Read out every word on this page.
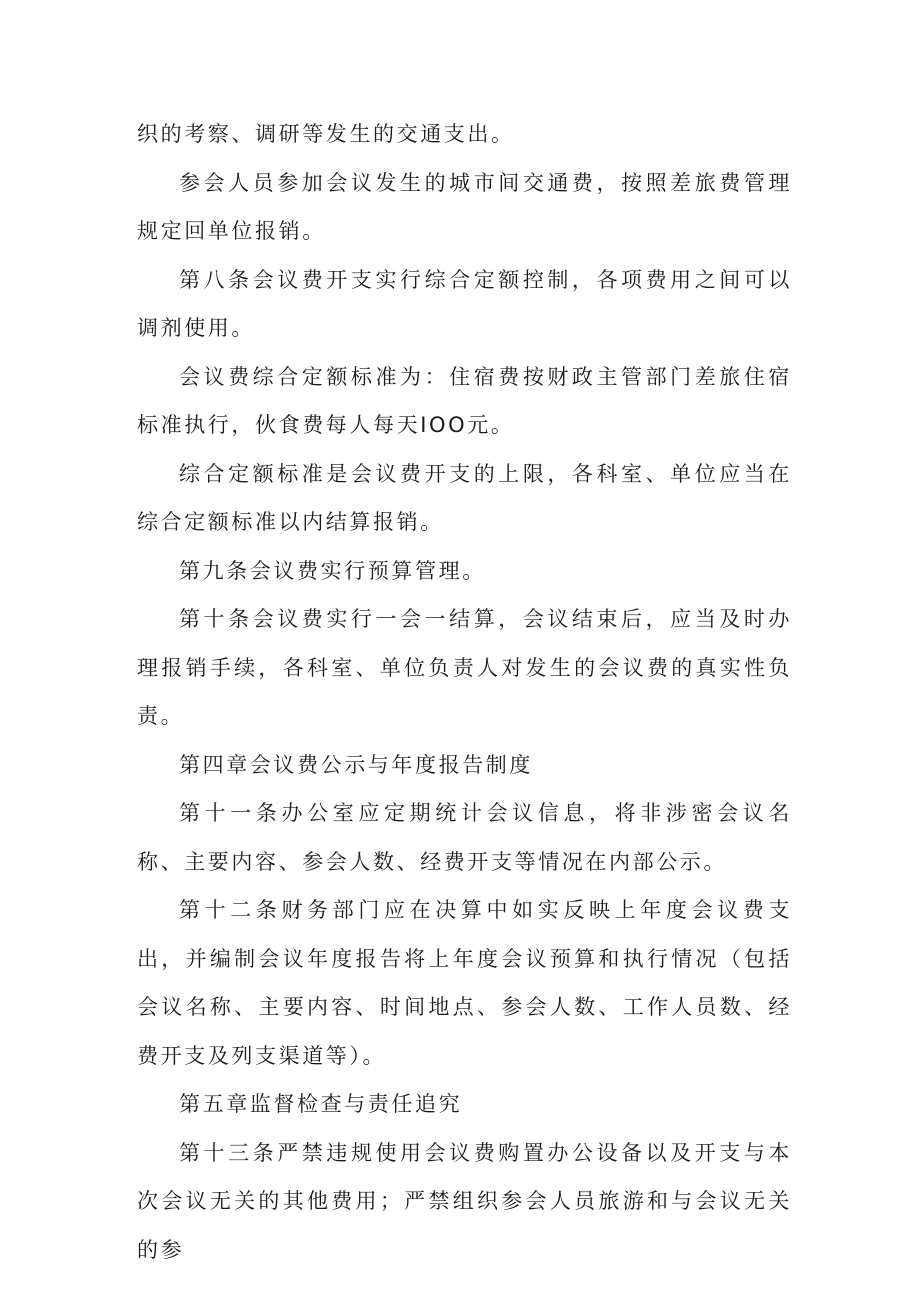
织的考察、调研等发生的交通支出。

参会人员参加会议发生的城市间交通费，按照差旅费管理规定回单位报销。

第八条会议费开支实行综合定额控制，各项费用之间可以调剂使用。

会议费综合定额标准为：住宿费按财政主管部门差旅住宿标准执行，伙食费每人每天IOO元。

综合定额标准是会议费开支的上限，各科室、单位应当在综合定额标准以内结算报销。

第九条会议费实行预算管理。

第十条会议费实行一会一结算，会议结束后，应当及时办理报销手续，各科室、单位负责人对发生的会议费的真实性负责。

第四章会议费公示与年度报告制度

第十一条办公室应定期统计会议信息，将非涉密会议名称、主要内容、参会人数、经费开支等情况在内部公示。

第十二条财务部门应在决算中如实反映上年度会议费支出，并编制会议年度报告将上年度会议预算和执行情况（包括会议名称、主要内容、时间地点、参会人数、工作人员数、经费开支及列支渠道等）。

第五章监督检查与责任追究

第十三条严禁违规使用会议费购置办公设备以及开支与本次会议无关的其他费用；严禁组织参会人员旅游和与会议无关的参
